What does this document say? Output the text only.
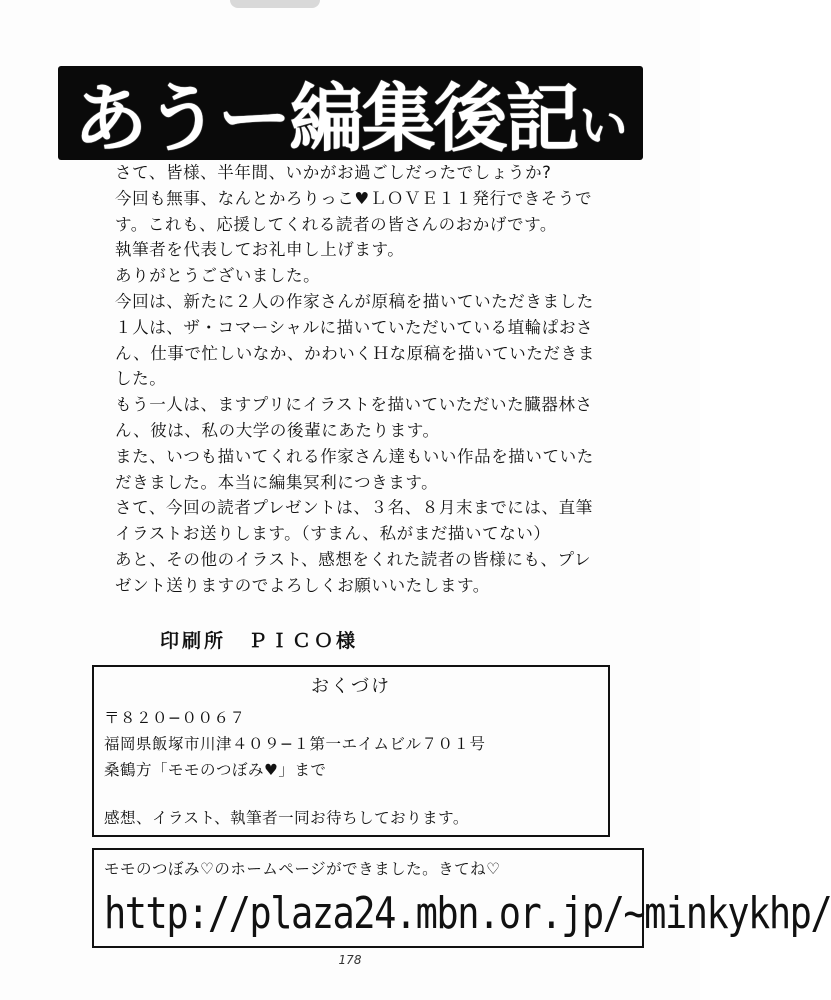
あうー編集後記 い
さて、皆様、半年間、いかがお過ごしだったでしょうか?
今回も無事、なんとかろりっこ♥ＬＯＶＥ１１発行できそうで
す。これも、応援してくれる読者の皆さんのおかげです。
執筆者を代表してお礼申し上げます。
ありがとうございました。
今回は、新たに２人の作家さんが原稿を描いていただきました
１人は、ザ・コマーシャルに描いていただいている埴輪ぱおさ
ん、仕事で忙しいなか、かわいくＨな原稿を描いていただきま
した。
もう一人は、ますプリにイラストを描いていただいた臓器林さ
ん、彼は、私の大学の後輩にあたります。
また、いつも描いてくれる作家さん達もいい作品を描いていた
だきました。本当に編集冥利につきます。
さて、今回の読者プレゼントは、３名、８月末までには、直筆
イラストお送りします。（すまん、私がまだ描いてない）
あと、その他のイラスト、感想をくれた読者の皆様にも、プレ
ゼント送りますのでよろしくお願いいたします。
印刷所　ＰＩＣＯ様
おくづけ
〒８２０−００６７
福岡県飯塚市川津４０９−１第一エイムビル７０１号
桑鶴方「モモのつぼみ♥」まで
感想、イラスト、執筆者一同お待ちしております。
モモのつぼみ♡のホームページができました。きてね♡
http://plaza24.mbn.or.jp/~minkykhp/
178
